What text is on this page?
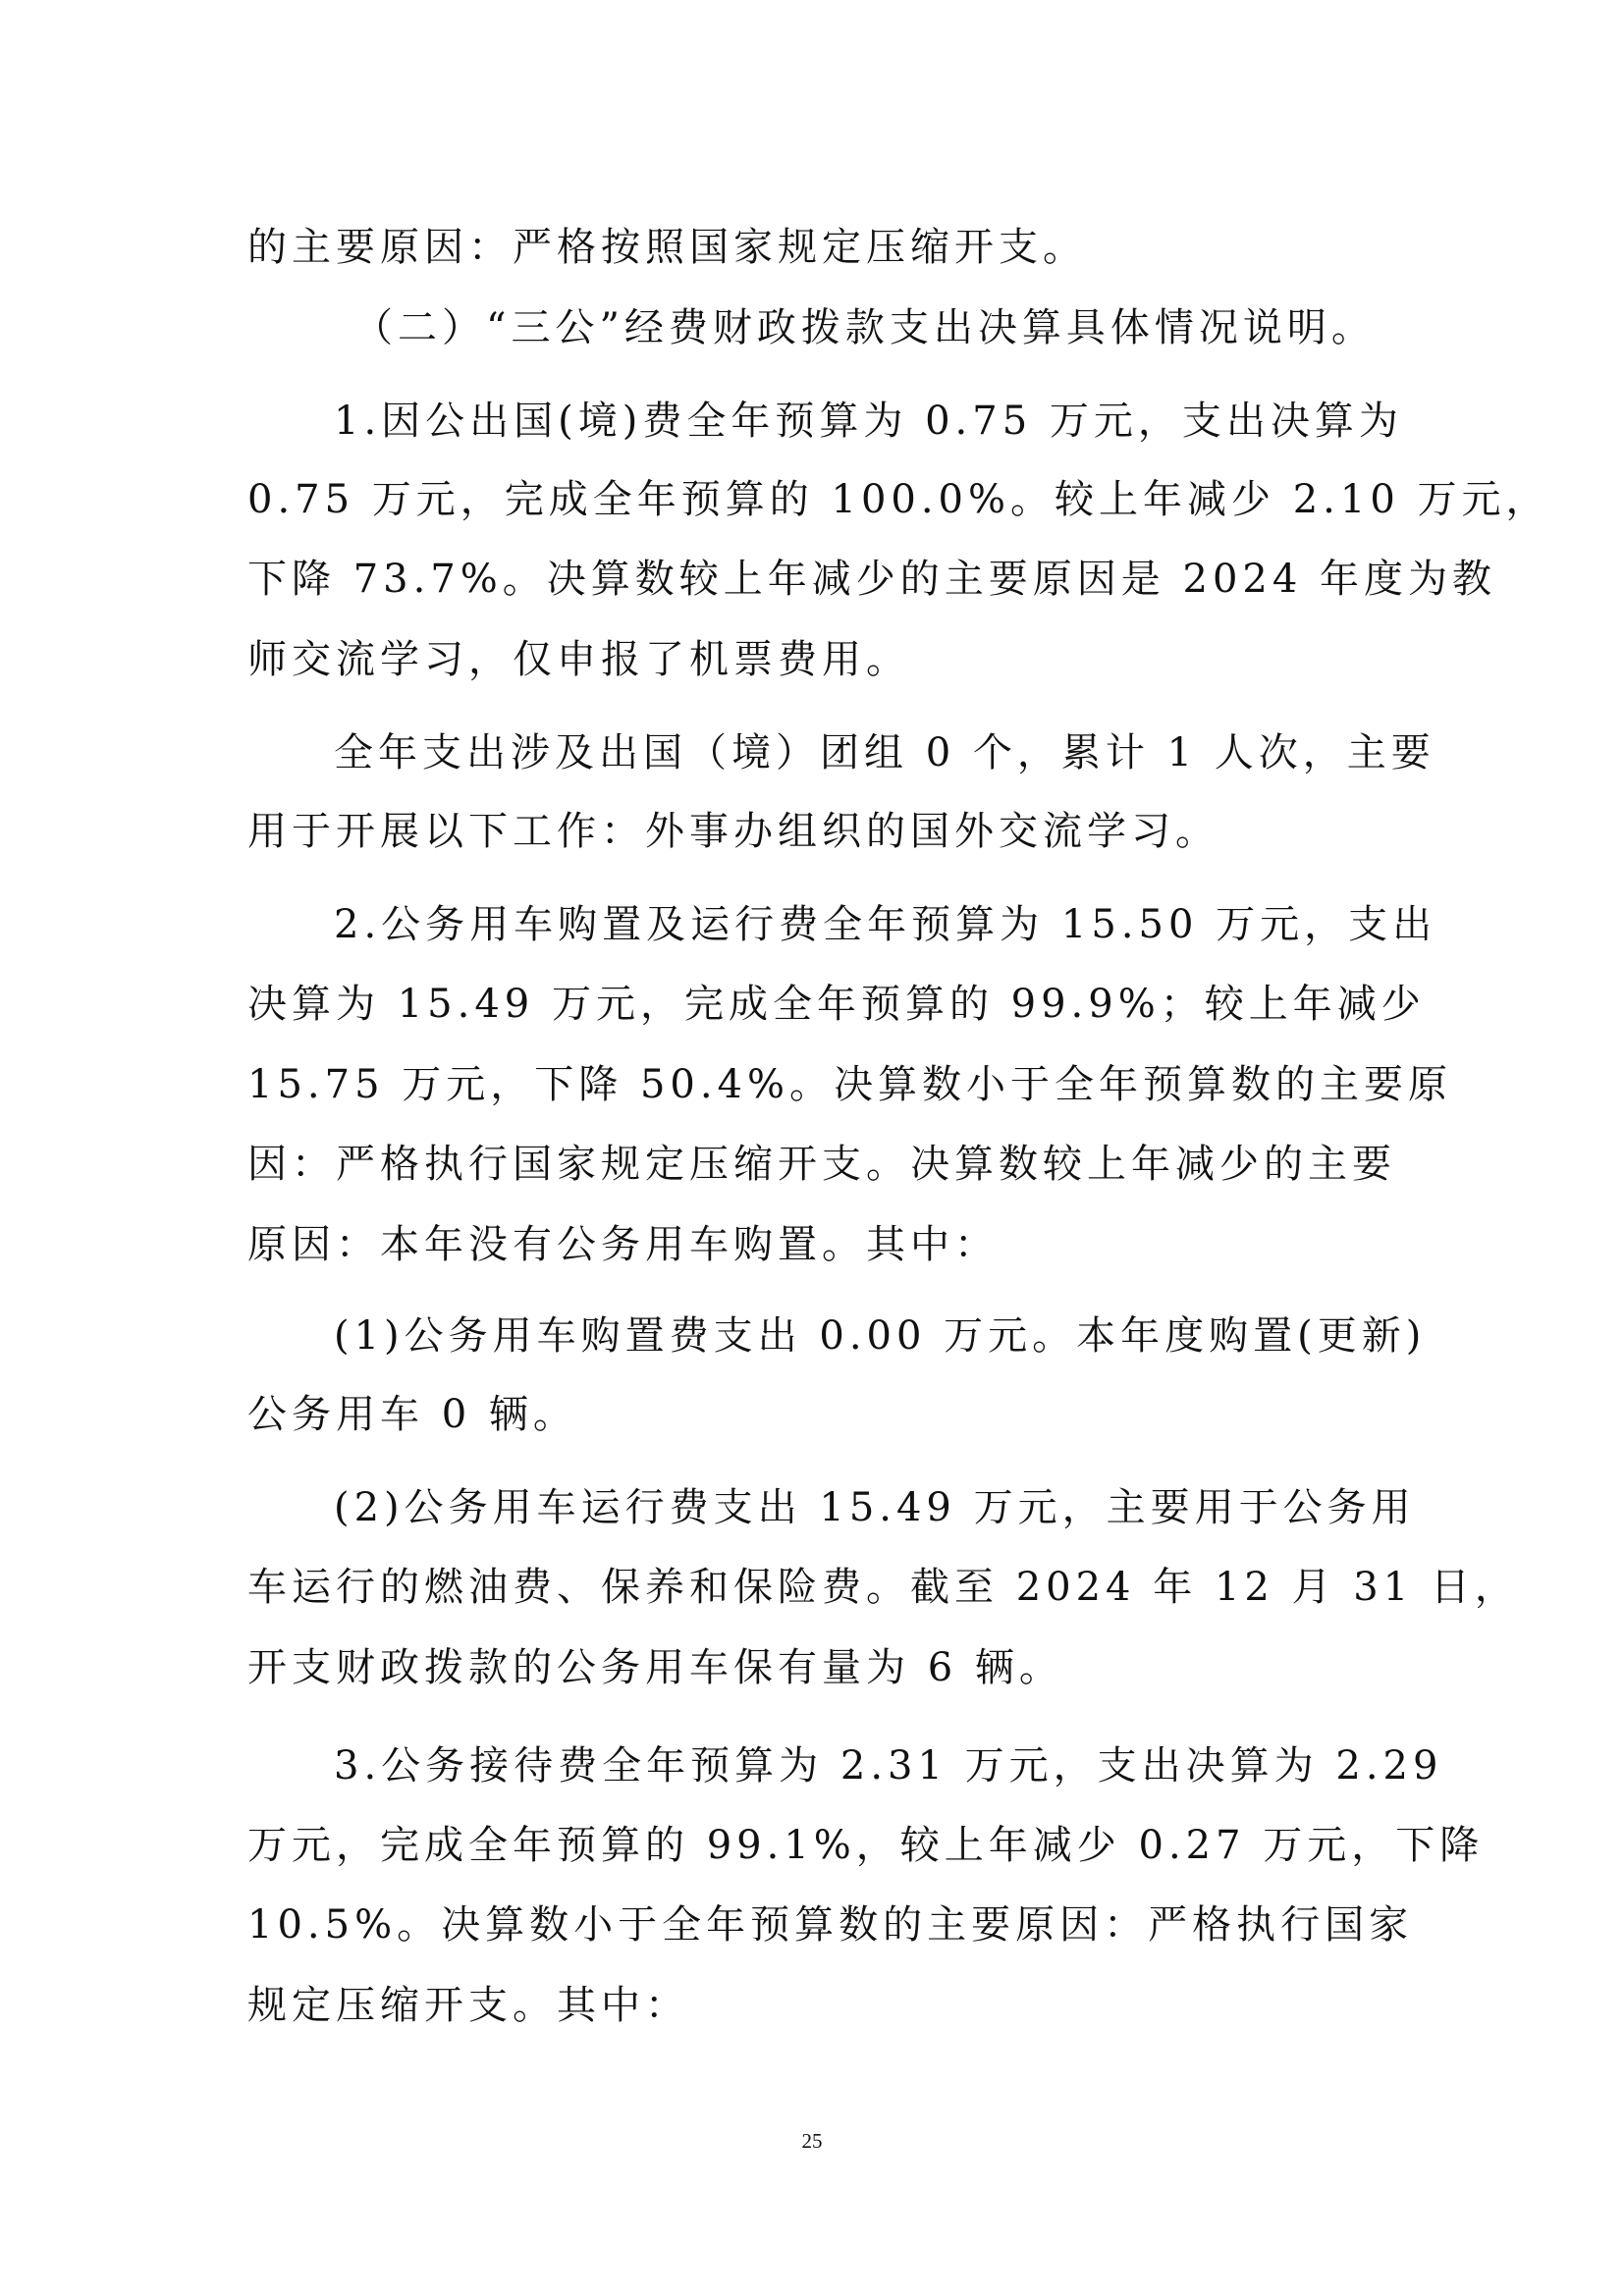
的主要原因：严格按照国家规定压缩开支。
（二）“三公”经费财政拨款支出决算具体情况说明。
1.因公出国(境)费全年预算为 0.75 万元，支出决算为
0.75 万元，完成全年预算的 100.0%。较上年减少 2.10 万元，
下降 73.7%。决算数较上年减少的主要原因是 2024 年度为教
师交流学习，仅申报了机票费用。
全年支出涉及出国（境）团组 0 个，累计 1 人次，主要
用于开展以下工作：外事办组织的国外交流学习。
2.公务用车购置及运行费全年预算为 15.50 万元，支出
决算为 15.49 万元，完成全年预算的 99.9%；较上年减少
15.75 万元，下降 50.4%。决算数小于全年预算数的主要原
因：严格执行国家规定压缩开支。决算数较上年减少的主要
原因：本年没有公务用车购置。其中：
(1)公务用车购置费支出 0.00 万元。本年度购置(更新)
公务用车 0 辆。
(2)公务用车运行费支出 15.49 万元，主要用于公务用
车运行的燃油费、保养和保险费。截至 2024 年 12 月 31 日，
开支财政拨款的公务用车保有量为 6 辆。
3.公务接待费全年预算为 2.31 万元，支出决算为 2.29
万元，完成全年预算的 99.1%，较上年减少 0.27 万元，下降
10.5%。决算数小于全年预算数的主要原因：严格执行国家
规定压缩开支。其中：
25
